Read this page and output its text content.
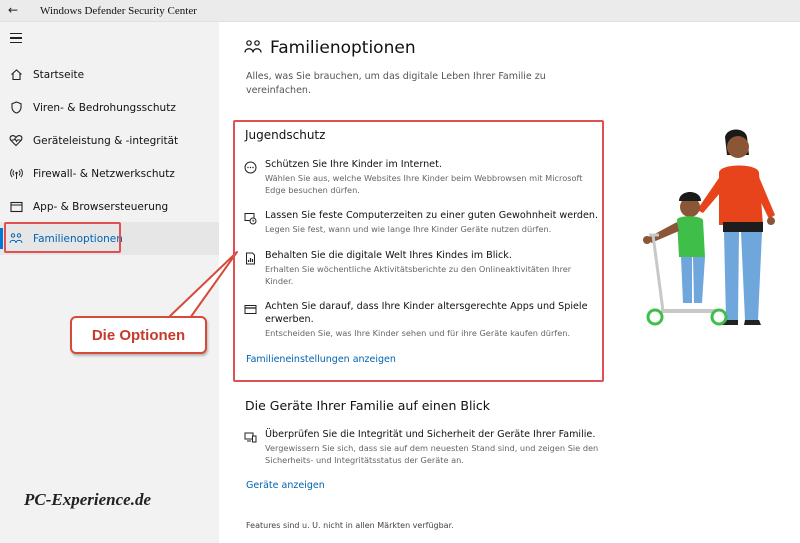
← Windows Defender Security Center
Startseite
Viren- & Bedrohungsschutz
Geräteleistung & -integrität
Firewall- & Netzwerkschutz
App- & Browsersteuerung
Familienoptionen
Die Optionen
PC-Experience.de
Familienoptionen
Alles, was Sie brauchen, um das digitale Leben Ihrer Familie zu vereinfachen.
Jugendschutz
Schützen Sie Ihre Kinder im Internet.
Wählen Sie aus, welche Websites Ihre Kinder beim Webbrowsen mit Microsoft Edge besuchen dürfen.
Lassen Sie feste Computerzeiten zu einer guten Gewohnheit werden.
Legen Sie fest, wann und wie lange Ihre Kinder Geräte nutzen dürfen.
Behalten Sie die digitale Welt Ihres Kindes im Blick.
Erhalten Sie wöchentliche Aktivitätsberichte zu den Onlineaktivitäten Ihrer Kinder.
Achten Sie darauf, dass Ihre Kinder altersgerechte Apps und Spiele erwerben.
Entscheiden Sie, was Ihre Kinder sehen und für ihre Geräte kaufen dürfen.
Familieneinstellungen anzeigen
Die Geräte Ihrer Familie auf einen Blick
Überprüfen Sie die Integrität und Sicherheit der Geräte Ihrer Familie.
Vergewissern Sie sich, dass sie auf dem neuesten Stand sind, und zeigen Sie den Sicherheits- und Integritätsstatus der Geräte an.
Geräte anzeigen
Features sind u. U. nicht in allen Märkten verfügbar.
